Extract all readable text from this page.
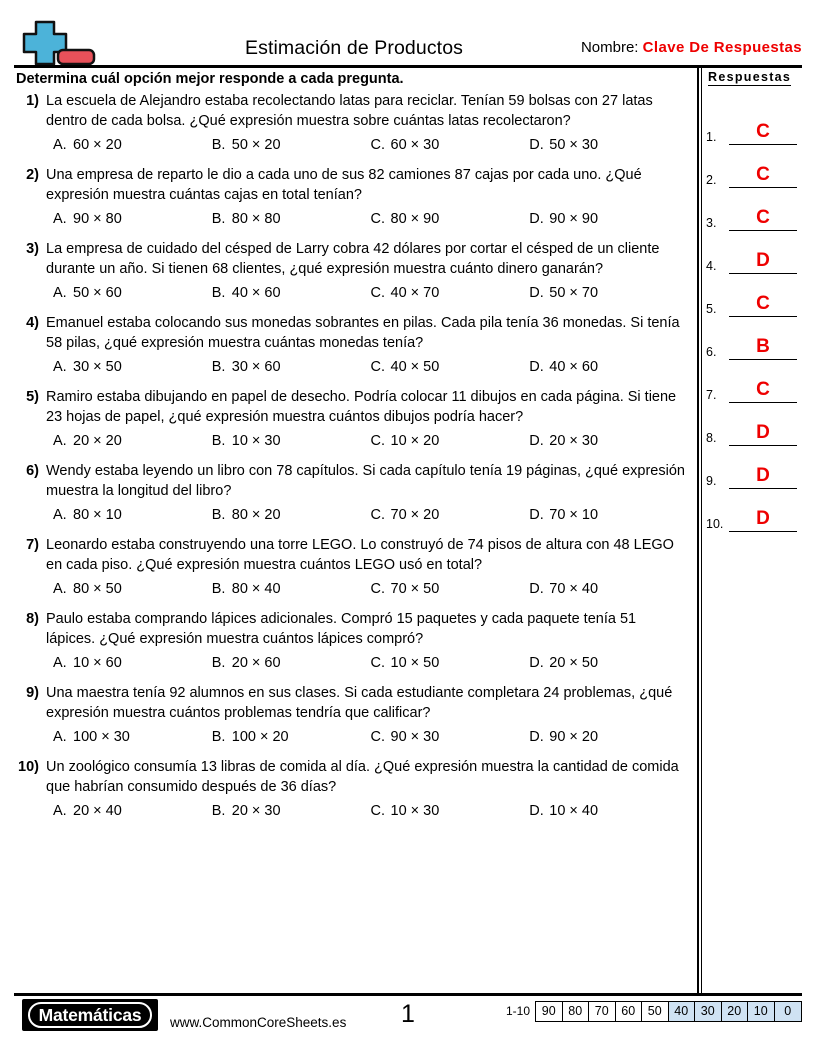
Estimación de Productos	Nombre: Clave De Respuestas
Determina cuál opción mejor responde a cada pregunta.
1) La escuela de Alejandro estaba recolectando latas para reciclar. Tenían 59 bolsas con 27 latas dentro de cada bolsa. ¿Qué expresión muestra sobre cuántas latas recolectaron?
A. 60 × 20	B. 50 × 20	C. 60 × 30	D. 50 × 30
2) Una empresa de reparto le dio a cada uno de sus 82 camiones 87 cajas por cada uno. ¿Qué expresión muestra cuántas cajas en total tenían?
A. 90 × 80	B. 80 × 80	C. 80 × 90	D. 90 × 90
3) La empresa de cuidado del césped de Larry cobra 42 dólares por cortar el césped de un cliente durante un año. Si tienen 68 clientes, ¿qué expresión muestra cuánto dinero ganarán?
A. 50 × 60	B. 40 × 60	C. 40 × 70	D. 50 × 70
4) Emanuel estaba colocando sus monedas sobrantes en pilas. Cada pila tenía 36 monedas. Si tenía 58 pilas, ¿qué expresión muestra cuántas monedas tenía?
A. 30 × 50	B. 30 × 60	C. 40 × 50	D. 40 × 60
5) Ramiro estaba dibujando en papel de desecho. Podría colocar 11 dibujos en cada página. Si tiene 23 hojas de papel, ¿qué expresión muestra cuántos dibujos podría hacer?
A. 20 × 20	B. 10 × 30	C. 10 × 20	D. 20 × 30
6) Wendy estaba leyendo un libro con 78 capítulos. Si cada capítulo tenía 19 páginas, ¿qué expresión muestra la longitud del libro?
A. 80 × 10	B. 80 × 20	C. 70 × 20	D. 70 × 10
7) Leonardo estaba construyendo una torre LEGO. Lo construyó de 74 pisos de altura con 48 LEGO en cada piso. ¿Qué expresión muestra cuántos LEGO usó en total?
A. 80 × 50	B. 80 × 40	C. 70 × 50	D. 70 × 40
8) Paulo estaba comprando lápices adicionales. Compró 15 paquetes y cada paquete tenía 51 lápices. ¿Qué expresión muestra cuántos lápices compró?
A. 10 × 60	B. 20 × 60	C. 10 × 50	D. 20 × 50
9) Una maestra tenía 92 alumnos en sus clases. Si cada estudiante completara 24 problemas, ¿qué expresión muestra cuántos problemas tendría que calificar?
A. 100 × 30	B. 100 × 20	C. 90 × 30	D. 90 × 20
10) Un zoológico consumía 13 libras de comida al día. ¿Qué expresión muestra la cantidad de comida que habrían consumido después de 36 días?
A. 20 × 40	B. 20 × 30	C. 10 × 30	D. 10 × 40
Respuestas
1.	C
2.	C
3.	C
4.	D
5.	C
6.	B
7.	C
8.	D
9.	D
10.	D
1
Matemáticas	www.CommonCoreSheets.es
1-10 90	80	70	60	50	40	30	20	10	0
